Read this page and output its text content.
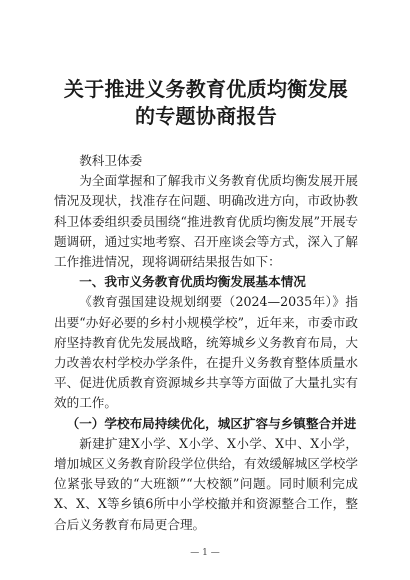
关于推进义务教育优质均衡发展的专题协商报告

教科卫体委

为全面掌握和了解我市义务教育优质均衡发展开展情况及现状，找准存在问题、明确改进方向，市政协教科卫体委组织委员围绕“推进教育优质均衡发展”开展专题调研，通过实地考察、召开座谈会等方式，深入了解工作推进情况，现将调研结果报告如下：

一、我市义务教育优质均衡发展基本情况

《教育强国建设规划纲要（2024—2035年）》指出要“办好必要的乡村小规模学校”，近年来，市委市政府坚持教育优先发展战略，统筹城乡义务教育布局，大力改善农村学校办学条件，在提升义务教育整体质量水平、促进优质教育资源城乡共享等方面做了大量扎实有效的工作。

（一）学校布局持续优化，城区扩容与乡镇整合并进

新建扩建X小学、X小学、X小学、X中、X小学，增加城区义务教育阶段学位供给，有效缓解城区学校学位紧张导致的“大班额”“大校额”问题。同时顺利完成X、X、X等乡镇6所中小学校撤并和资源整合工作，整合后义务教育布局更合理。

— 1 —
